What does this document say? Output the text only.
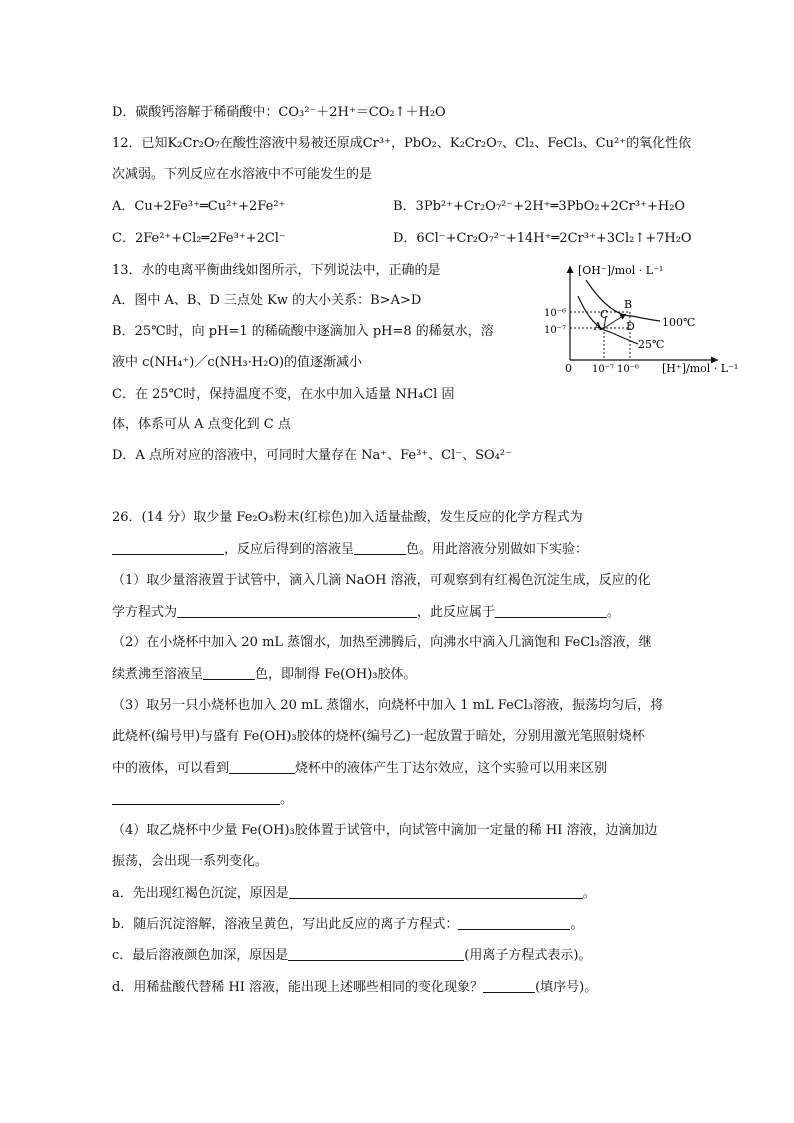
D．碳酸钙溶解于稀硝酸中：CO₃²⁻＋2H⁺＝CO₂↑＋H₂O
12．已知K₂Cr₂O₇在酸性溶液中易被还原成Cr³⁺，PbO₂、K₂Cr₂O₇、Cl₂、FeCl₃、Cu²⁺的氧化性依
次减弱。下列反应在水溶液中不可能发生的是
A．Cu+2Fe³⁺═Cu²⁺+2Fe²⁺	B．3Pb²⁺+Cr₂O₇²⁻+2H⁺═3PbO₂+2Cr³⁺+H₂O
C．2Fe²⁺+Cl₂═2Fe³⁺+2Cl⁻	D．6Cl⁻+Cr₂O₇²⁻+14H⁺═2Cr³⁺+3Cl₂↑+7H₂O
13．水的电离平衡曲线如图所示，下列说法中，正确的是
A．图中 A、B、D 三点处 Kw 的大小关系：B>A>D
B．25℃时，向 pH=1 的稀硫酸中逐滴加入 pH=8 的稀氨水，溶
液中 c(NH₄⁺)／c(NH₃·H₂O)的值逐渐减小
C．在 25℃时，保持温度不变，在水中加入适量 NH₄Cl 固
体，体系可从 A 点变化到 C 点
D．A 点所对应的溶液中，可同时大量存在 Na⁺、Fe³⁺、Cl⁻、SO₄²⁻
[OH⁻]/mol · L⁻¹
[H⁺]/mol · L⁻¹
0
10⁻⁶
10⁻⁷
10⁻⁷ 10⁻⁶
100℃
25℃
A
B
C
D
26．(14 分）取少量 Fe₂O₃粉末(红棕色)加入适量盐酸，发生反应的化学方程式为
，反应后得到的溶液呈	色。用此溶液分别做如下实验：
（1）取少量溶液置于试管中，滴入几滴 NaOH 溶液，可观察到有红褐色沉淀生成，反应的化
学方程式为	，此反应属于	。
（2）在小烧杯中加入 20 mL 蒸馏水，加热至沸腾后，向沸水中滴入几滴饱和 FeCl₃溶液，继
续煮沸至溶液呈	色，即制得 Fe(OH)₃胶体。
（3）取另一只小烧杯也加入 20 mL 蒸馏水，向烧杯中加入 1 mL FeCl₃溶液，振荡均匀后，将
此烧杯(编号甲)与盛有 Fe(OH)₃胶体的烧杯(编号乙)一起放置于暗处，分别用激光笔照射烧杯
中的液体，可以看到	烧杯中的液体产生丁达尔效应，这个实验可以用来区别
。
（4）取乙烧杯中少量 Fe(OH)₃胶体置于试管中，向试管中滴加一定量的稀 HI 溶液，边滴加边
振荡，会出现一系列变化。
a．先出现红褐色沉淀，原因是	。
b．随后沉淀溶解，溶液呈黄色，写出此反应的离子方程式：	。
c．最后溶液颜色加深，原因是	(用离子方程式表示)。
d．用稀盐酸代替稀 HI 溶液，能出现上述哪些相同的变化现象？	(填序号)。
